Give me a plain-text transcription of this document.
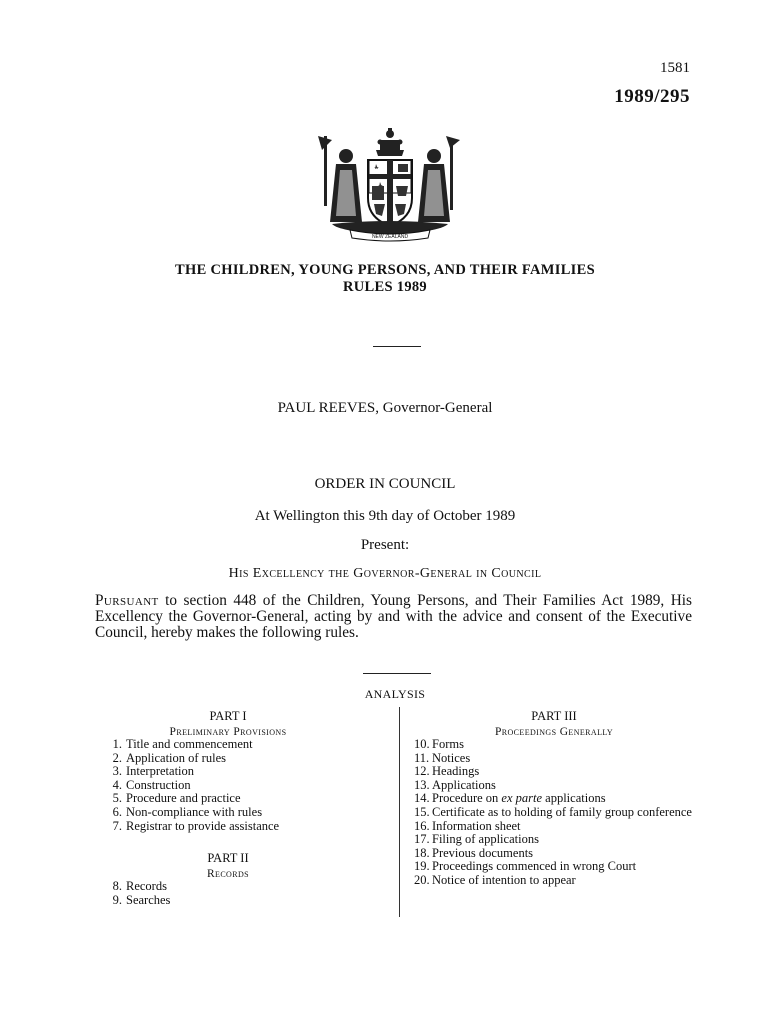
1581
1989/295
NEW ZEALAND
THE CHILDREN, YOUNG PERSONS, AND THEIR FAMILIES
RULES 1989
PAUL REEVES, Governor-General
ORDER IN COUNCIL
At Wellington this 9th day of October 1989
Present:
His Excellency the Governor-General in Council
Pursuant to section 448 of the Children, Young Persons, and Their Families Act 1989, His Excellency the Governor-General, acting by and with the advice and consent of the Executive Council, hereby makes the following rules.
ANALYSIS
PART I
Preliminary Provisions
1. Title and commencement
2. Application of rules
3. Interpretation
4. Construction
5. Procedure and practice
6. Non-compliance with rules
7. Registrar to provide assistance
PART II
Records
8. Records
9. Searches
PART III
Proceedings Generally
10. Forms
11. Notices
12. Headings
13. Applications
14. Procedure on ex parte applications
15. Certificate as to holding of family group conference
16. Information sheet
17. Filing of applications
18. Previous documents
19. Proceedings commenced in wrong Court
20. Notice of intention to appear
